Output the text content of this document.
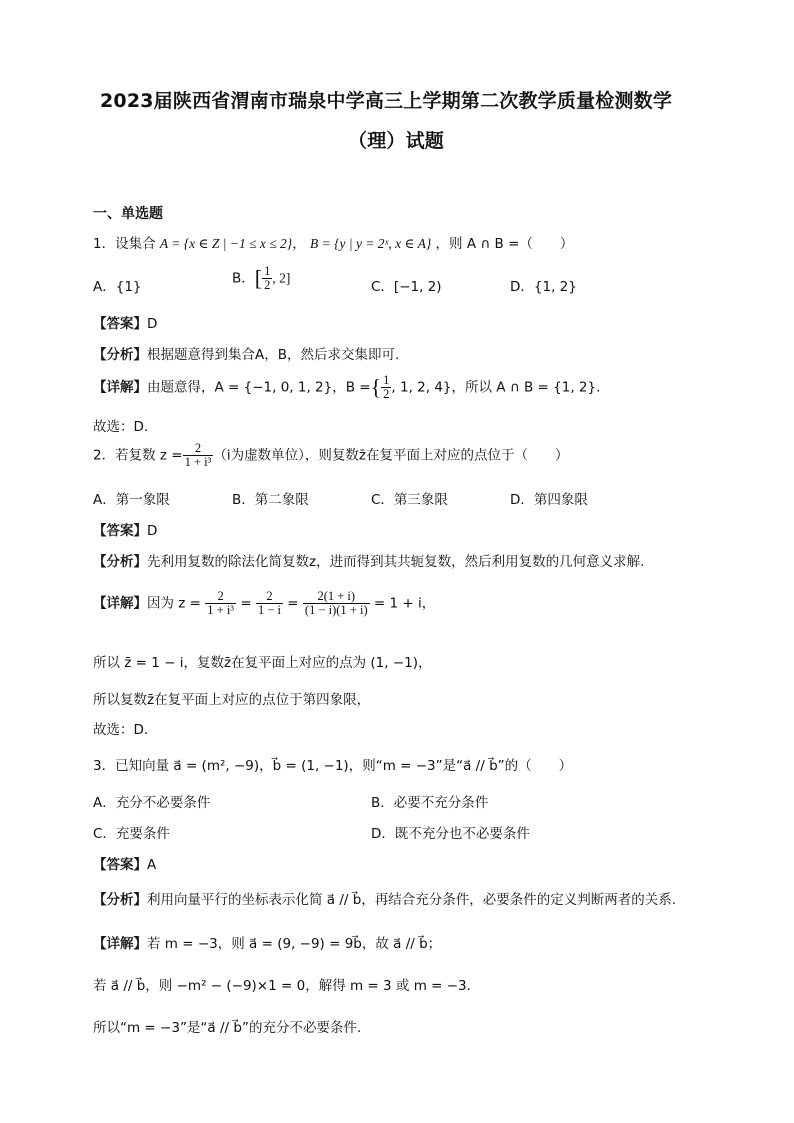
2023届陕西省渭南市瑞泉中学高三上学期第二次教学质量检测数学
（理）试题
一、单选题
1．设集合 A = {x ∈ Z | −1 ≤ x ≤ 2}， B = {y | y = 2ˣ, x ∈ A} ，则 A ∩ B =（　　）
A．{1}
B．[ $\frac{1}{2}$ , 2]
C．[−1, 2)	D．{1, 2}
【答案】D
【分析】根据题意得到集合A，B，然后求交集即可.
【详解】由题意得，A = {−1, 0, 1, 2}，B ={ $\frac{1}{2}$ , 1, 2, 4}，所以 A ∩ B = {1, 2}.
故选：D.
2．若复数 $z = \frac{2}{\text{1 + i³}} (i$为虚数单位），则复数z̄在复平面上对应的点位于（　　）
A．第一象限	B．第二象限	C．第三象限	D．第四象限
【答案】D
【分析】先利用复数的除法化简复数z，进而得到其共轭复数，然后利用复数的几何意义求解.
【详解】因为 $z = \frac{2}{\text{1 + i³}} = \frac{2}{1 - i} = \frac{2(1 + i)}{(1 - i)(1 + i)} = 1 + i$，
所以 z̄ = 1 − i，复数z̄在复平面上对应的点为 (1, −1)，
所以复数z̄在复平面上对应的点位于第四象限，
故选：D.
3．已知向量 a⃗ = (m², −9)，b⃗ = (1, −1)，则“m = −3”是“a⃗ // b⃗”的（　　）
A．充分不必要条件	B．必要不充分条件
C．充要条件	D．既不充分也不必要条件
【答案】A
【分析】利用向量平行的坐标表示化简 a⃗ // b⃗，再结合充分条件，必要条件的定义判断两者的关系.
【详解】若 m = −3，则 a⃗ = (9, −9) = 9b⃗，故 a⃗ // b⃗；
若 a⃗ // b⃗，则 −m² − (−9)×1 = 0，解得 m = 3 或 m = −3．
所以“m = −3”是“a⃗ // b⃗”的充分不必要条件．
